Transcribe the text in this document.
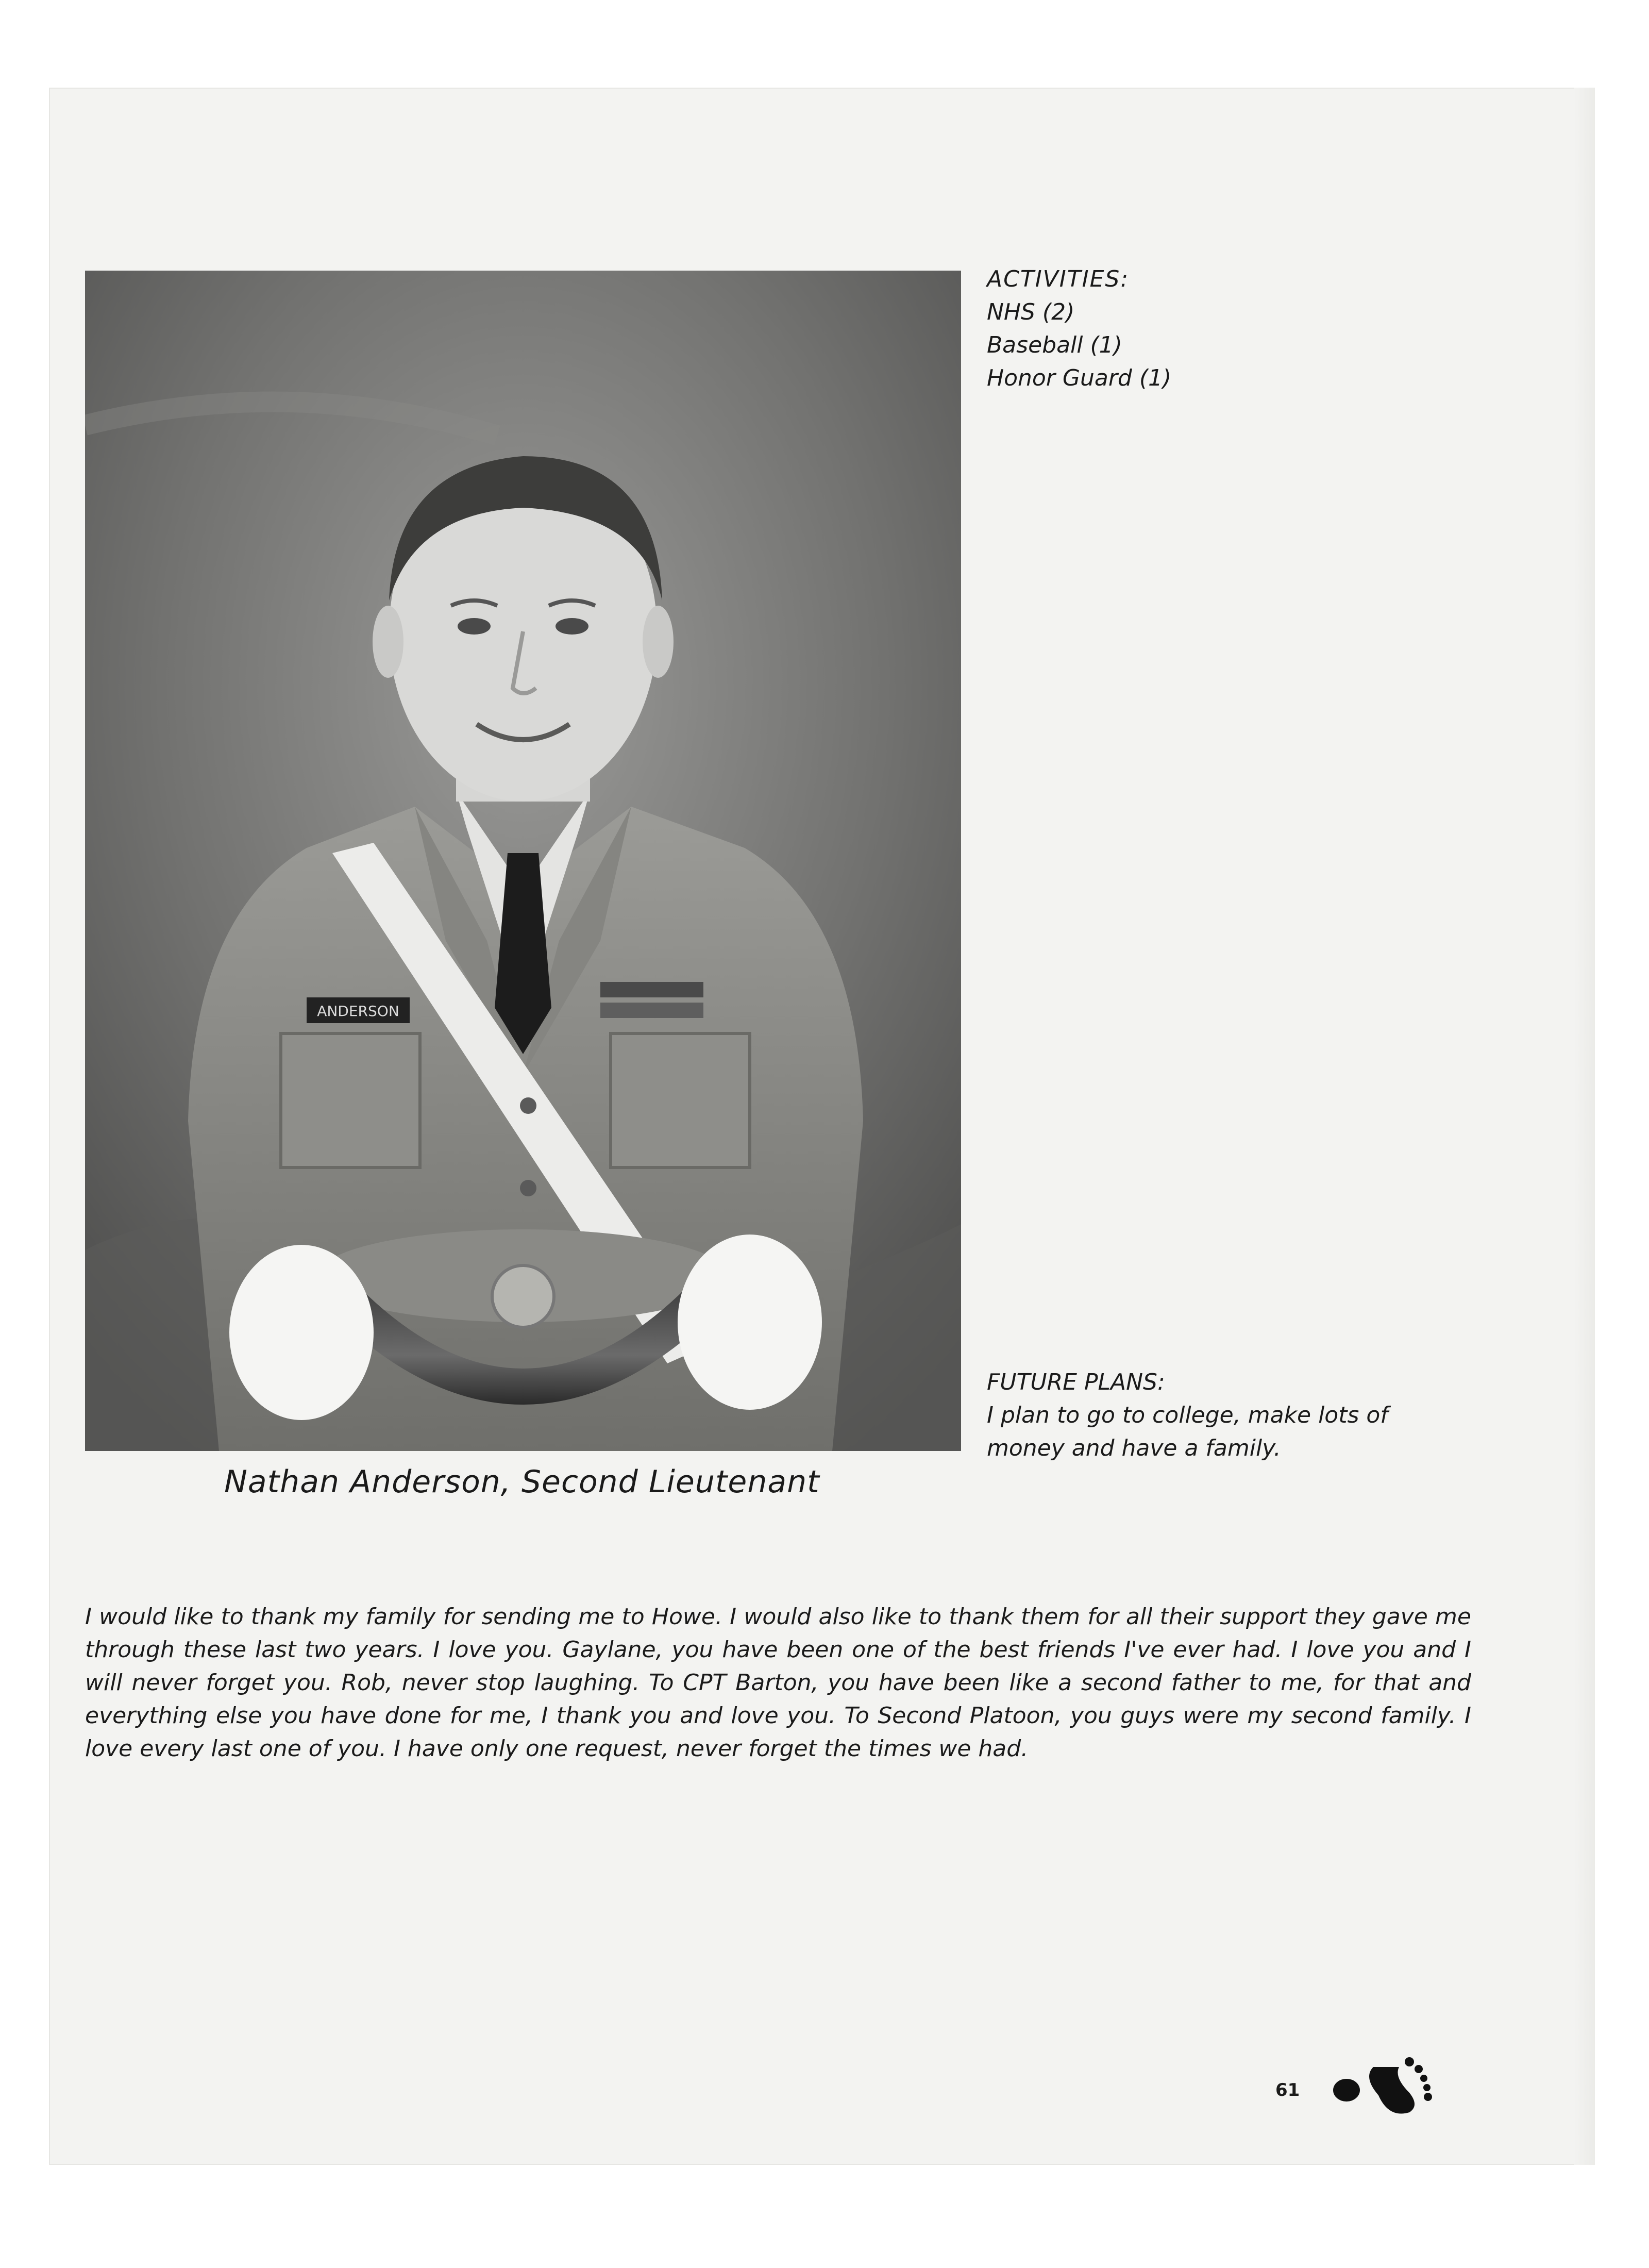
ANDERSON
Nathan Anderson, Second Lieutenant
ACTIVITIES:
NHS (2)
Baseball (1)
Honor Guard (1)
FUTURE PLANS:
I plan to go to college, make lots of
money and have a family.
I would like to thank my family for sending me to Howe. I would also like to thank them for all their support they gave me through these last two years. I love you. Gaylane, you have been one of the best friends I've ever had. I love you and I will never forget you. Rob, never stop laughing. To CPT Barton, you have been like a second father to me, for that and everything else you have done for me, I thank you and love you. To Second Platoon, you guys were my second family. I love every last one of you. I have only one request, never forget the times we had.
61
